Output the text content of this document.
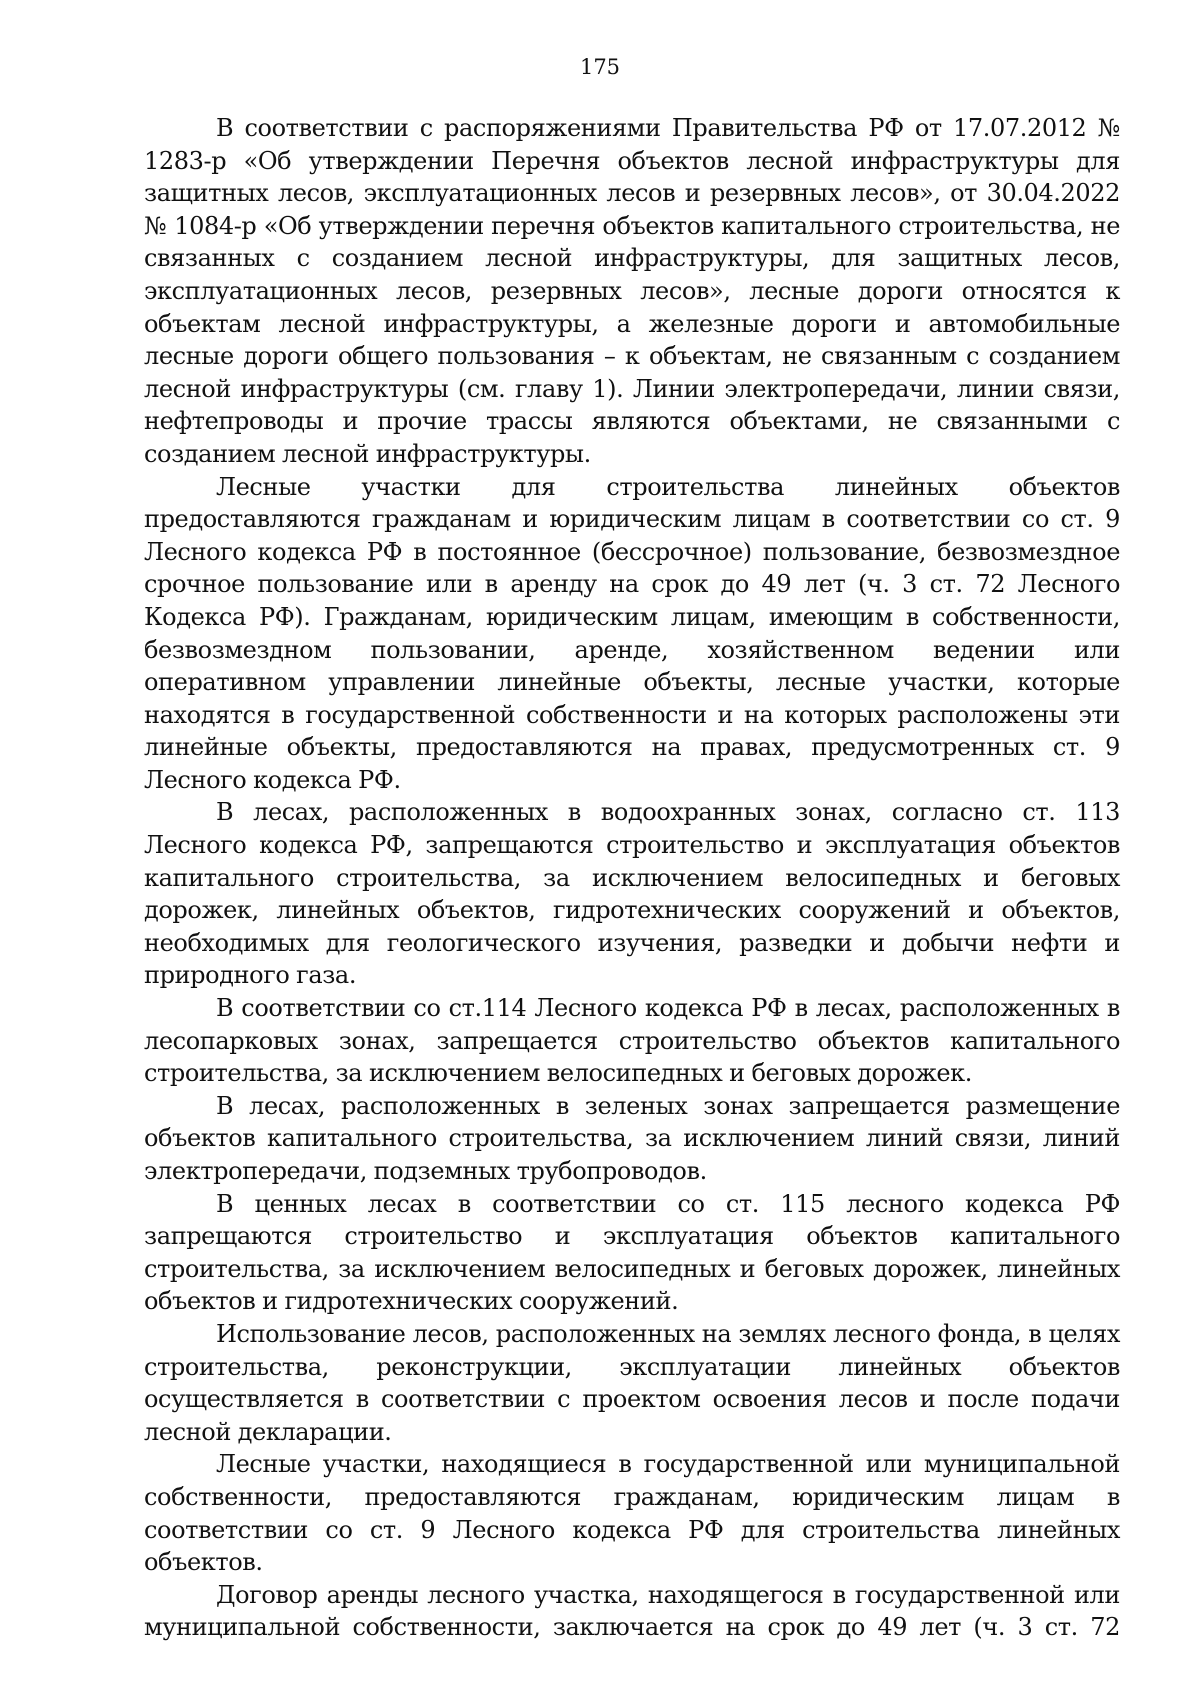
175

В соответствии с распоряжениями Правительства РФ от 17.07.2012 № 1283-р «Об утверждении Перечня объектов лесной инфраструктуры для защитных лесов, эксплуатационных лесов и резервных лесов», от 30.04.2022 № 1084-р «Об утверждении перечня объектов капитального строительства, не связанных с созданием лесной инфраструктуры, для защитных лесов, эксплуатационных лесов, резервных лесов», лесные дороги относятся к объектам лесной инфраструктуры, а железные дороги и автомобильные лесные дороги общего пользования – к объектам, не связанным с созданием лесной инфраструктуры (см. главу 1). Линии электропередачи, линии связи, нефтепроводы и прочие трассы являются объектами, не связанными с созданием лесной инфраструктуры.

Лесные участки для строительства линейных объектов предоставляются гражданам и юридическим лицам в соответствии со ст. 9 Лесного кодекса РФ в постоянное (бессрочное) пользование, безвозмездное срочное пользование или в аренду на срок до 49 лет (ч. 3 ст. 72 Лесного Кодекса РФ). Гражданам, юридическим лицам, имеющим в собственности, безвозмездном пользовании, аренде, хозяйственном ведении или оперативном управлении линейные объекты, лесные участки, которые находятся в государственной собственности и на которых расположены эти линейные объекты, предоставляются на правах, предусмотренных ст. 9 Лесного кодекса РФ.

В лесах, расположенных в водоохранных зонах, согласно ст. 113 Лесного кодекса РФ, запрещаются строительство и эксплуатация объектов капитального строительства, за исключением велосипедных и беговых дорожек, линейных объектов, гидротехнических сооружений и объектов, необходимых для геологического изучения, разведки и добычи нефти и природного газа.

В соответствии со ст.114 Лесного кодекса РФ в лесах, расположенных в лесопарковых зонах, запрещается строительство объектов капитального строительства, за исключением велосипедных и беговых дорожек.

В лесах, расположенных в зеленых зонах запрещается размещение объектов капитального строительства, за исключением линий связи, линий электропередачи, подземных трубопроводов.

В ценных лесах в соответствии со ст. 115 лесного кодекса РФ запрещаются строительство и эксплуатация объектов капитального строительства, за исключением велосипедных и беговых дорожек, линейных объектов и гидротехнических сооружений.

Использование лесов, расположенных на землях лесного фонда, в целях строительства, реконструкции, эксплуатации линейных объектов осуществляется в соответствии с проектом освоения лесов и после подачи лесной декларации.

Лесные участки, находящиеся в государственной или муниципальной собственности, предоставляются гражданам, юридическим лицам в соответствии со ст. 9 Лесного кодекса РФ для строительства линейных объектов.

Договор аренды лесного участка, находящегося в государственной или муниципальной собственности, заключается на срок до 49 лет (ч. 3 ст. 72
